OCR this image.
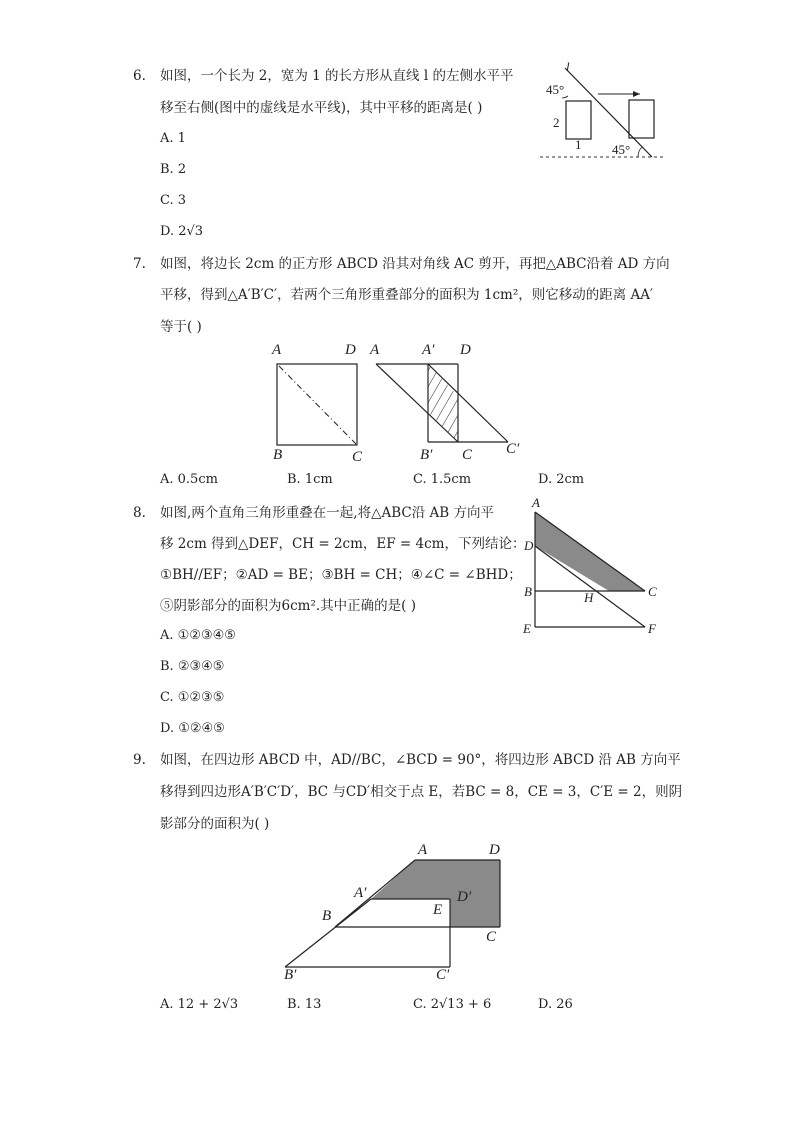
6. 如图，一个长为 2，宽为 1 的长方形从直线 l 的左侧水平平
移至右侧(图中的虚线是水平线)，其中平移的距离是( )
A. 1
B. 2
C. 3
D. 2√3
l
45°
2
1 45°
7. 如图，将边长 2cm 的正方形 ABCD 沿其对角线 AC 剪开，再把△ABC沿着 AD 方向
平移，得到△A′B′C′，若两个三角形重叠部分的面积为 1cm²，则它移动的距离 AA′
等于( )
A	D
B	C
A	A′ D
B′ C C′
A. 0.5cm	B. 1cm	C. 1.5cm	D. 2cm
8. 如图,两个直角三角形重叠在一起,将△ABC沿 AB 方向平
移 2cm 得到△DEF，CH = 2cm，EF = 4cm，下列结论：
①BH//EF；②AD = BE；③BH = CH；④∠C = ∠BHD；
⑤阴影部分的面积为6cm².其中正确的是( )
A. ①②③④⑤
B. ②③④⑤
C. ①②③⑤
D. ①②④⑤
A
D
B	H	C
E	F
9. 如图，在四边形 ABCD 中，AD//BC，∠BCD = 90°，将四边形 ABCD 沿 AB 方向平
移得到四边形A′B′C′D′，BC 与CD′相交于点 E，若BC = 8，CE = 3，C′E = 2，则阴
影部分的面积为( )
A	D
A′
E
D′
B
C
B′	C′
A. 12 + 2√3	B. 13	C. 2√13 + 6	D. 26
